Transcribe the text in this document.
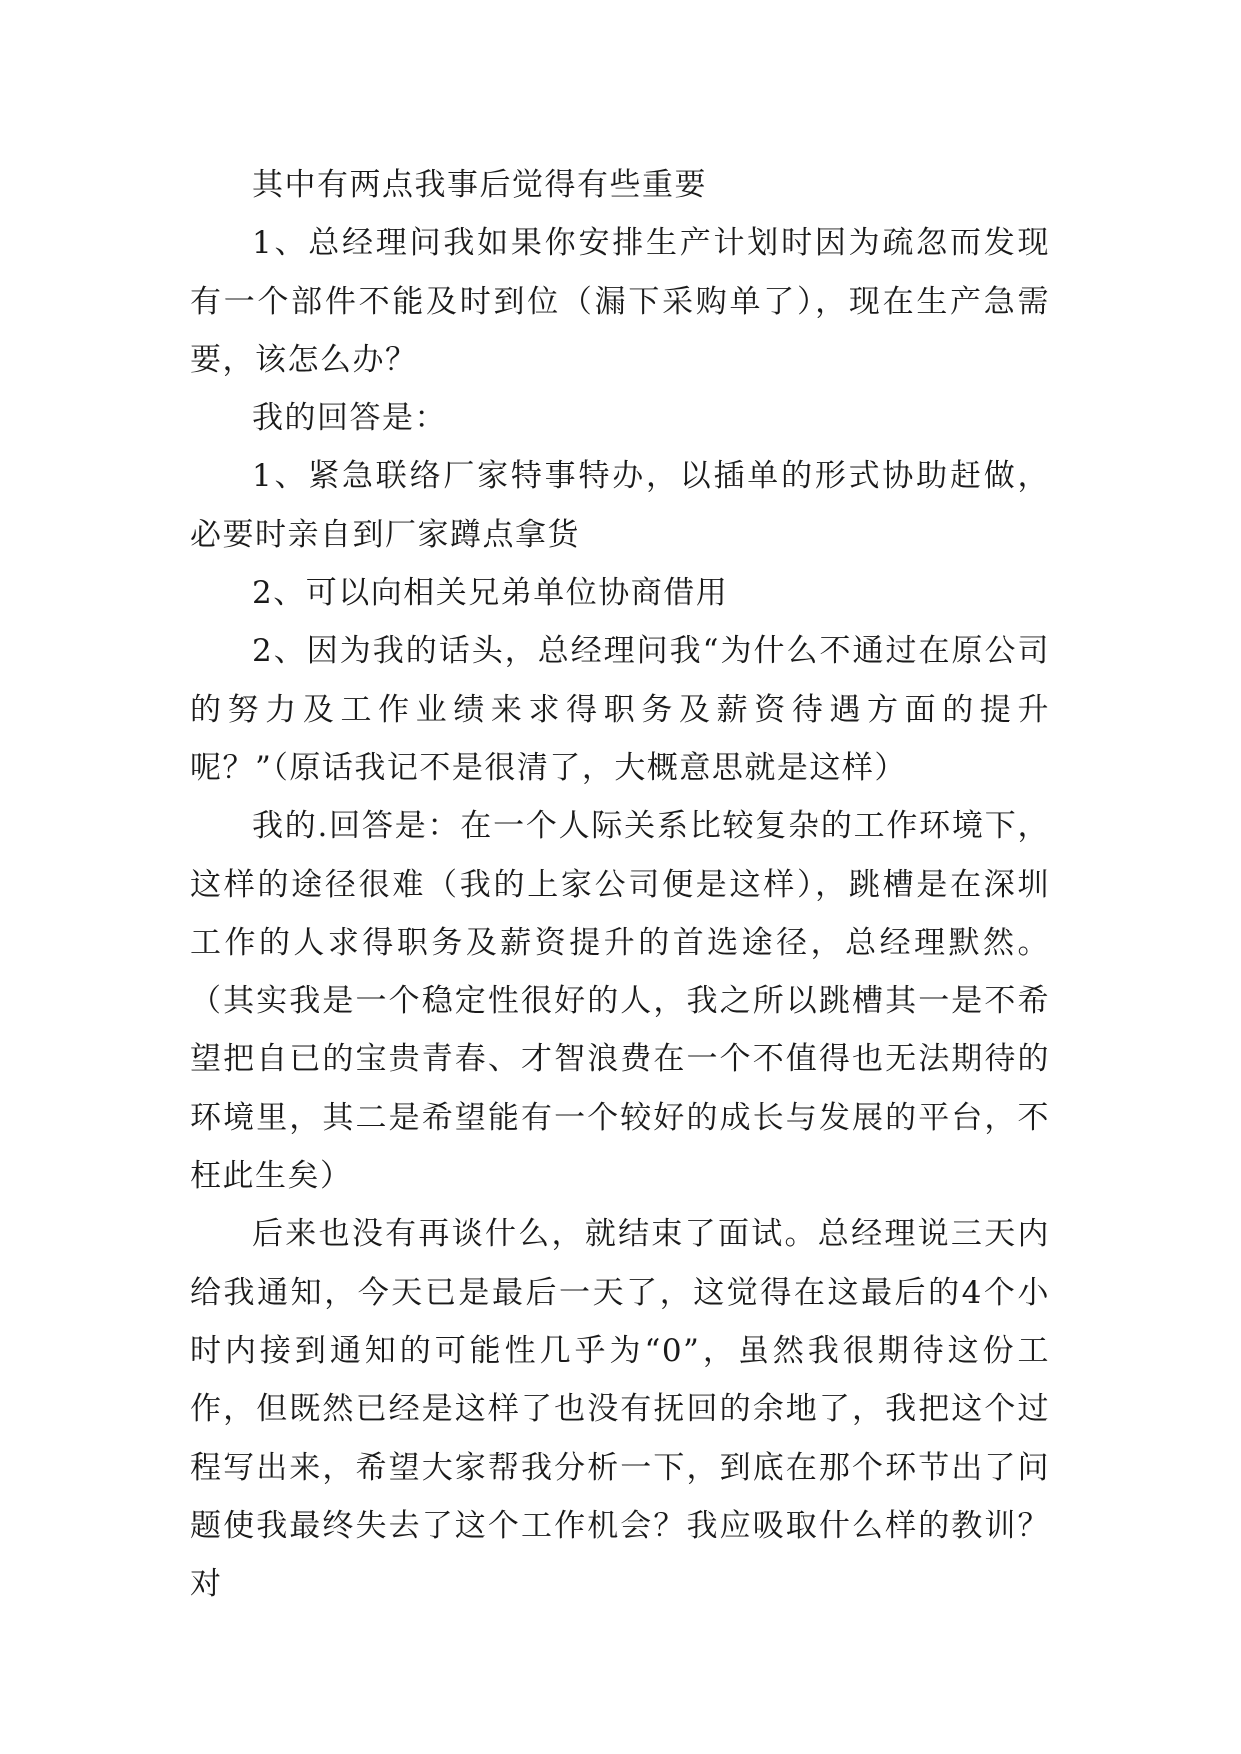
其中有两点我事后觉得有些重要

1、总经理问我如果你安排生产计划时因为疏忽而发现有一个部件不能及时到位（漏下采购单了），现在生产急需要，该怎么办？

我的回答是：

1、紧急联络厂家特事特办，以插单的形式协助赶做，必要时亲自到厂家蹲点拿货

2、可以向相关兄弟单位协商借用

2、因为我的话头，总经理问我“为什么不通过在原公司的努力及工作业绩来求得职务及薪资待遇方面的提升呢？”（原话我记不是很清了，大概意思就是这样）

我的.回答是：在一个人际关系比较复杂的工作环境下，这样的途径很难（我的上家公司便是这样），跳槽是在深圳工作的人求得职务及薪资提升的首选途径，总经理默然。（其实我是一个稳定性很好的人，我之所以跳槽其一是不希望把自已的宝贵青春、才智浪费在一个不值得也无法期待的环境里，其二是希望能有一个较好的成长与发展的平台，不枉此生矣）

后来也没有再谈什么，就结束了面试。总经理说三天内给我通知，今天已是最后一天了，这觉得在这最后的4个小时内接到通知的可能性几乎为“0”，虽然我很期待这份工作，但既然已经是这样了也没有抚回的余地了，我把这个过程写出来，希望大家帮我分析一下，到底在那个环节出了问题使我最终失去了这个工作机会？我应吸取什么样的教训？对
